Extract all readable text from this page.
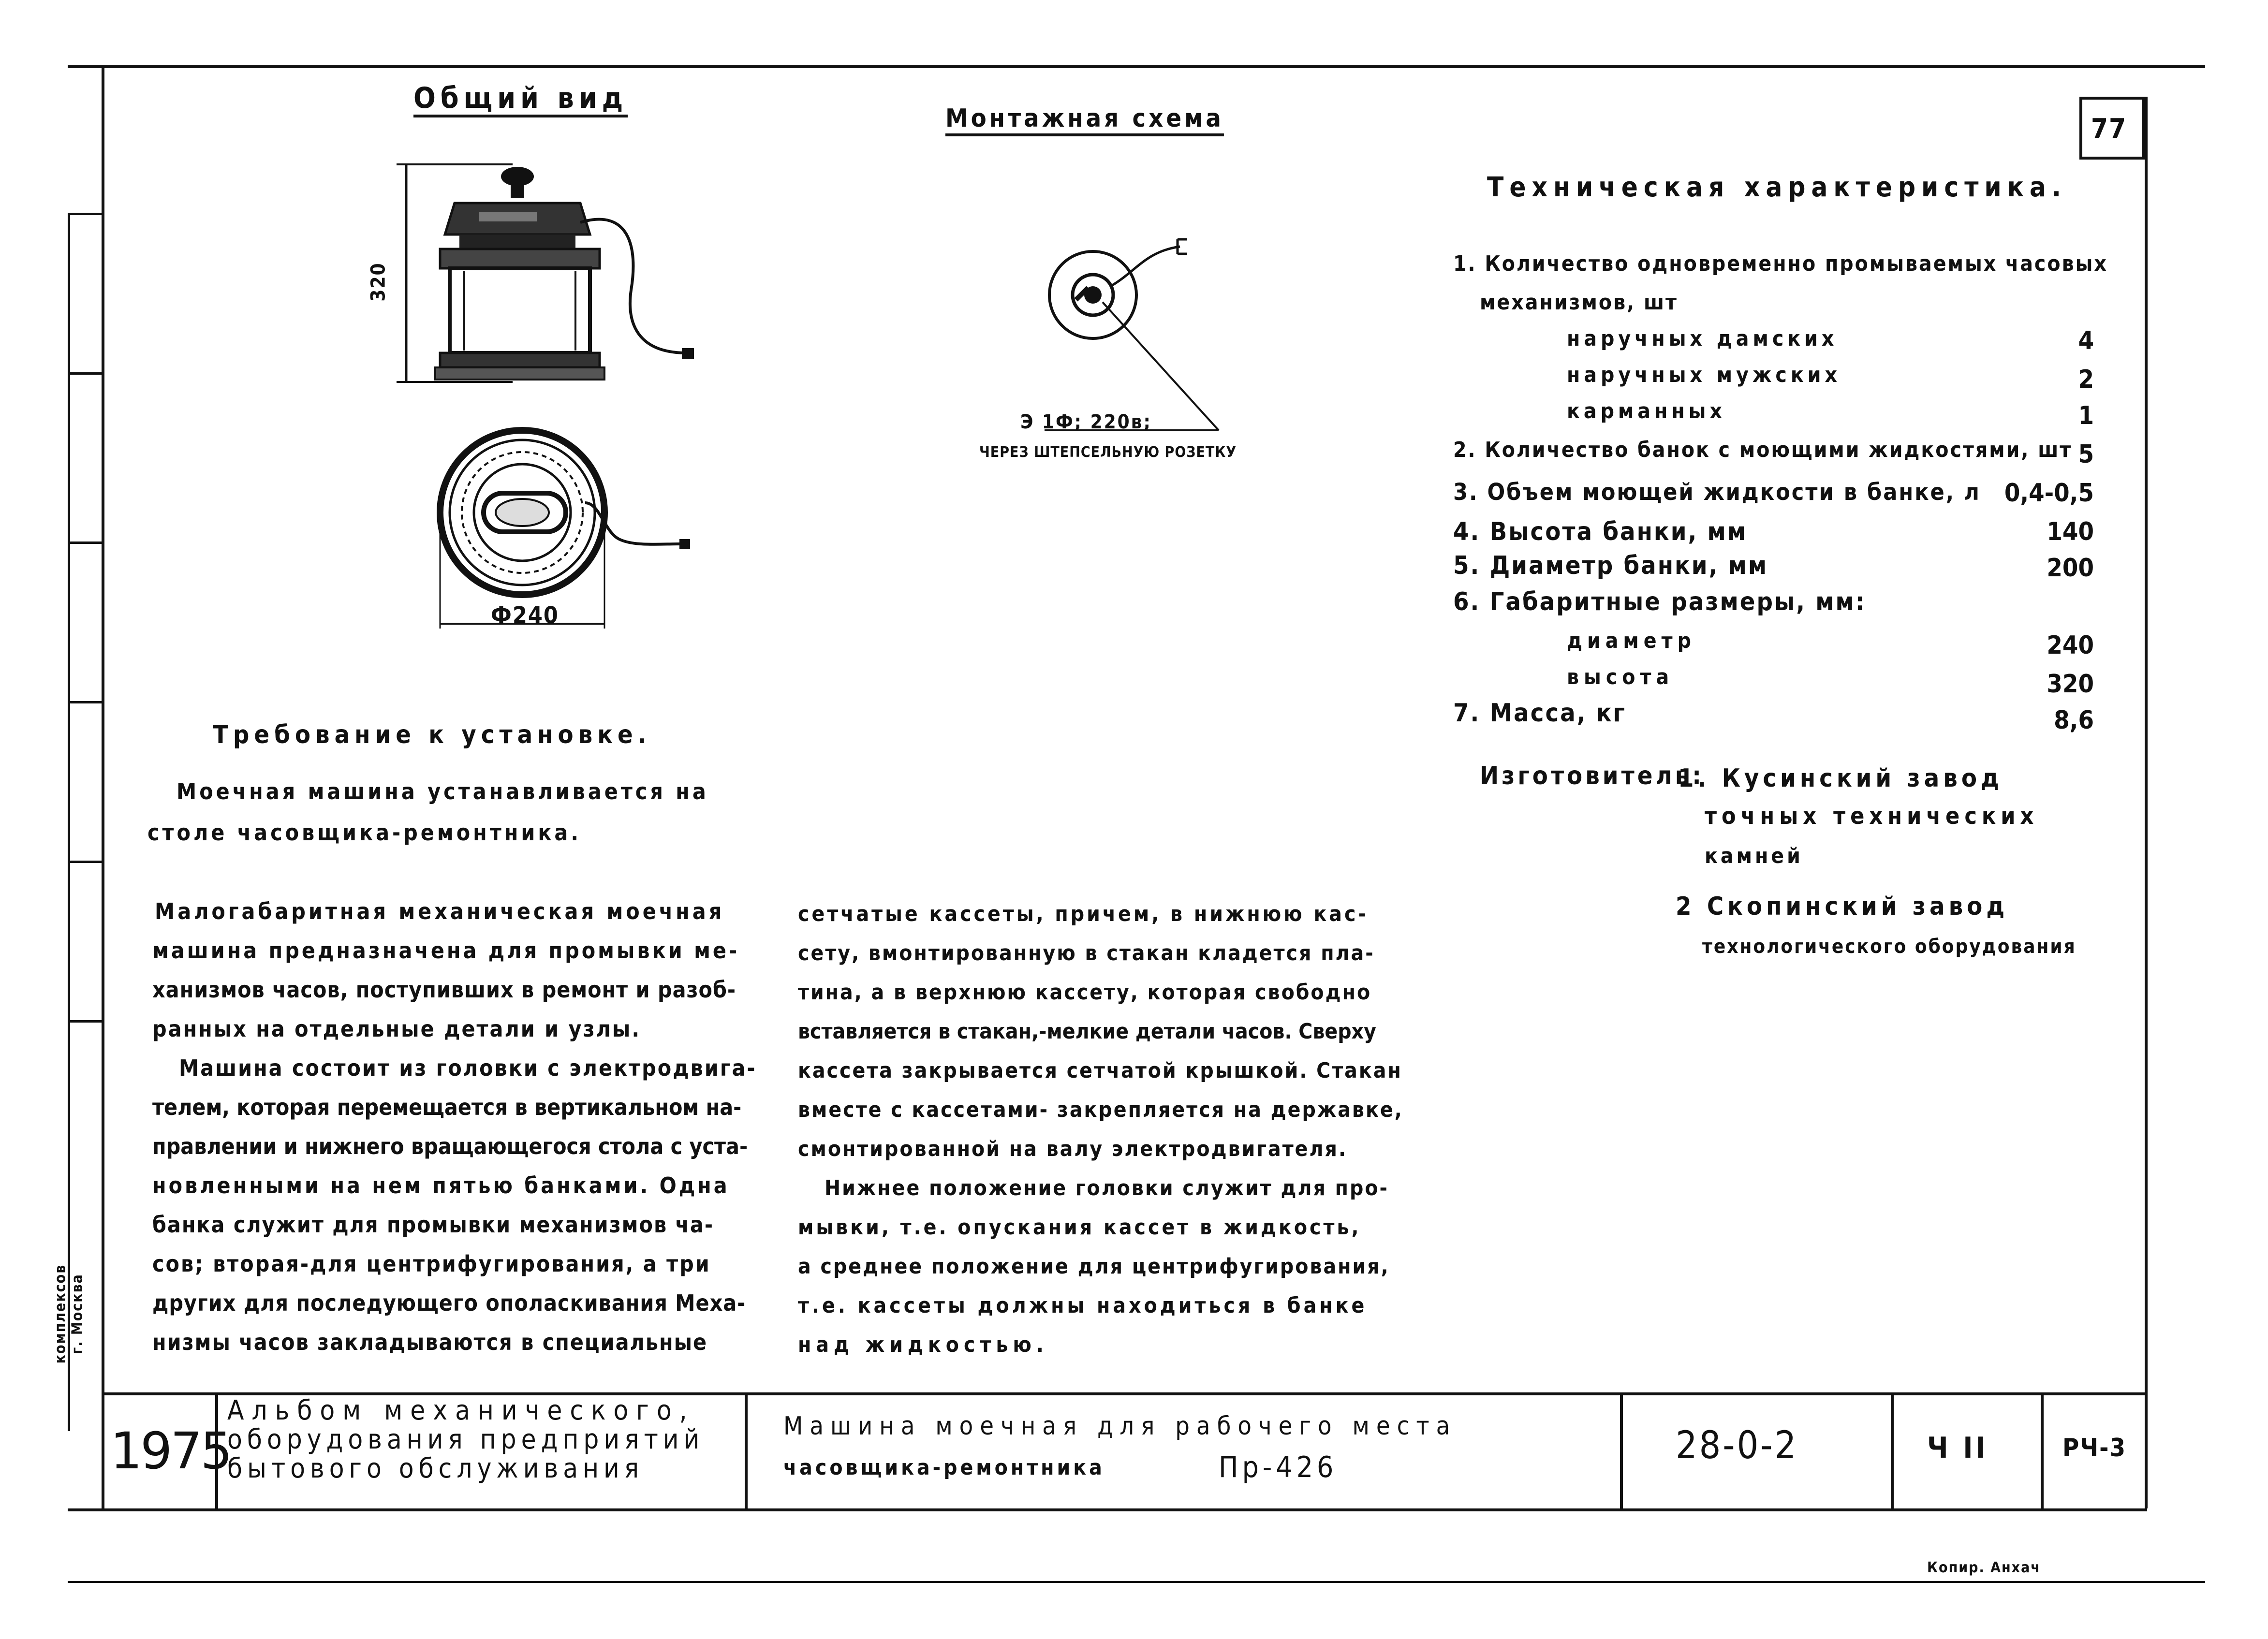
комплексов г. Москва
77
Общий вид
Монтажная схема
320
Ф240
Э 1Ф; 220в;
ЧЕРЕЗ ШТЕПСЕЛЬНУЮ РОЗЕТКУ
Техническая характеристика.
1. Количество одновременно промываемых часовых
механизмов, шт
наручных дамских	4
наручных мужских	2
карманных	1
2. Количество банок с моющими жидкостями, шт 5
3. Объем моющей жидкости в банке, л 0,4-0,5
4. Высота банки, мм	140
5. Диаметр банки, мм	200
6. Габаритные размеры, мм:
диаметр	240
высота	320
7. Масса, кг	8,6
Изготовитель:
1. Кусинский завод
точных технических
камней
2 Скопинский завод
технологического оборудования
Требование к установке.
Моечная машина устанавливается на
столе часовщика-ремонтника.
Малогабаритная механическая моечная
машина предназначена для промывки ме-
ханизмов часов, поступивших в ремонт и разоб-
ранных на отдельные детали и узлы.
Машина состоит из головки с электродвига-
телем, которая перемещается в вертикальном на-
правлении и нижнего вращающегося стола с уста-
новленными на нем пятью банками. Одна
банка служит для промывки механизмов ча-
сов; вторая-для центрифугирования, а три
других для последующего ополаскивания Меха-
низмы часов закладываются в специальные
сетчатые кассеты, причем, в нижнюю кас-
сету, вмонтированную в стакан кладется пла-
тина, а в верхнюю кассету, которая свободно
вставляется в стакан,-мелкие детали часов. Сверху
кассета закрывается сетчатой крышкой. Стакан
вместе с кассетами- закрепляется на державке,
смонтированной на валу электродвигателя.
Нижнее положение головки служит для про-
мывки, т.е. опускания кассет в жидкость,
а среднее положение для центрифугирования,
т.е. кассеты должны находиться в банке
над жидкостью.
1975
Альбом механического,
оборудования предприятий
бытового обслуживания
Машина моечная для рабочего места
часовщика-ремонтника	Пр-426	28-0-2	Ч II	РЧ-3
Копир. Анхач
